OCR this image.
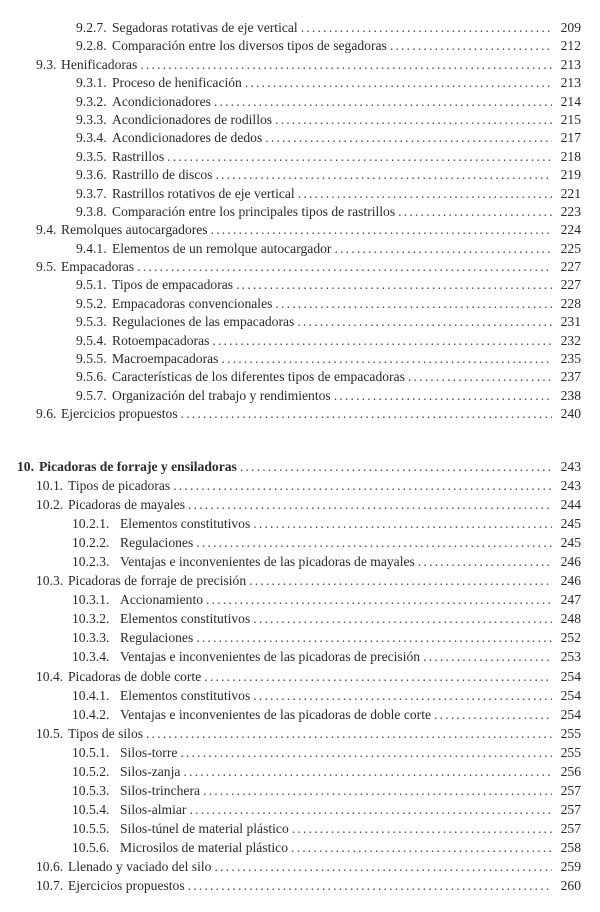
9.2.7. Segadoras rotativas de eje vertical . . .	209
9.2.8. Comparación entre los diversos tipos de segadoras . . .	212
9.3. Henificadoras . . .	213
9.3.1. Proceso de henificación . . .	213
9.3.2. Acondicionadores . . .	214
9.3.3. Acondicionadores de rodillos . . .	215
9.3.4. Acondicionadores de dedos . . .	217
9.3.5. Rastrillos . . .	218
9.3.6. Rastrillo de discos . . .	219
9.3.7. Rastrillos rotativos de eje vertical . . .	221
9.3.8. Comparación entre los principales tipos de rastrillos . . .	223
9.4. Remolques autocargadores . . .	224
9.4.1. Elementos de un remolque autocargador . . .	225
9.5. Empacadoras . . .	227
9.5.1. Tipos de empacadoras . . .	227
9.5.2. Empacadoras convencionales . . .	228
9.5.3. Regulaciones de las empacadoras . . .	231
9.5.4. Rotoempacadoras . . .	232
9.5.5. Macroempacadoras . . .	235
9.5.6. Características de los diferentes tipos de empacadoras . . .	237
9.5.7. Organización del trabajo y rendimientos . . .	238
9.6. Ejercicios propuestos . . .	240
10. Picadoras de forraje y ensiladoras . . .	243
10.1. Tipos de picadoras . . .	243
10.2. Picadoras de mayales . . .	244
10.2.1. Elementos constitutivos . . .	245
10.2.2. Regulaciones . . .	245
10.2.3. Ventajas e inconvenientes de las picadoras de mayales . . .	246
10.3. Picadoras de forraje de precisión . . .	246
10.3.1. Accionamiento . . .	247
10.3.2. Elementos constitutivos . . .	248
10.3.3. Regulaciones . . .	252
10.3.4. Ventajas e inconvenientes de las picadoras de precisión . . .	253
10.4. Picadoras de doble corte . . .	254
10.4.1. Elementos constitutivos . . .	254
10.4.2. Ventajas e inconvenientes de las picadoras de doble corte . . .	254
10.5. Tipos de silos . . .	255
10.5.1. Silos-torre . . .	255
10.5.2. Silos-zanja . . .	256
10.5.3. Silos-trinchera . . .	257
10.5.4. Silos-almiar . . .	257
10.5.5. Silos-túnel de material plástico . . .	257
10.5.6. Microsilos de material plástico . . .	258
10.6. Llenado y vaciado del silo . . .	259
10.7. Ejercicios propuestos . . .	260
